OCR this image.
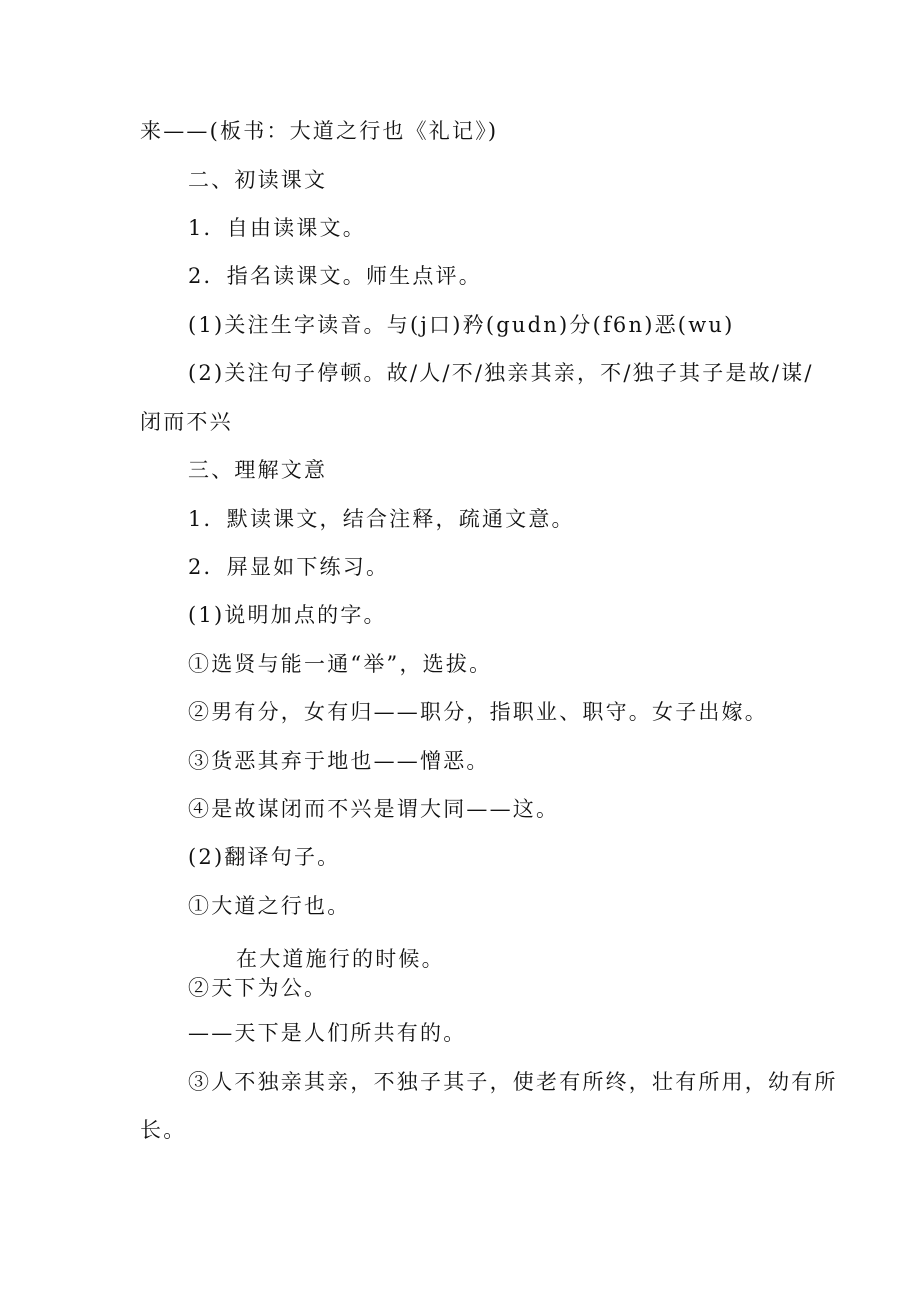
来——(板书：大道之行也《礼记》)
二、初读课文
1．自由读课文。
2．指名读课文。师生点评。
(1)关注生字读音。与(j口)矜(gudn)分(f6n)恶(wu)
(2)关注句子停顿。故/人/不/独亲其亲，不/独子其子是故/谋/
闭而不兴
三、理解文意
1．默读课文，结合注释，疏通文意。
2．屏显如下练习。
(1)说明加点的字。
①选贤与能一通“举”，选拔。
②男有分，女有归——职分，指职业、职守。女子出嫁。
③货恶其弃于地也——憎恶。
④是故谋闭而不兴是谓大同——这。
(2)翻译句子。
①大道之行也。
在大道施行的时候。
②天下为公。
——天下是人们所共有的。
③人不独亲其亲，不独子其子，使老有所终，壮有所用，幼有所
长。
